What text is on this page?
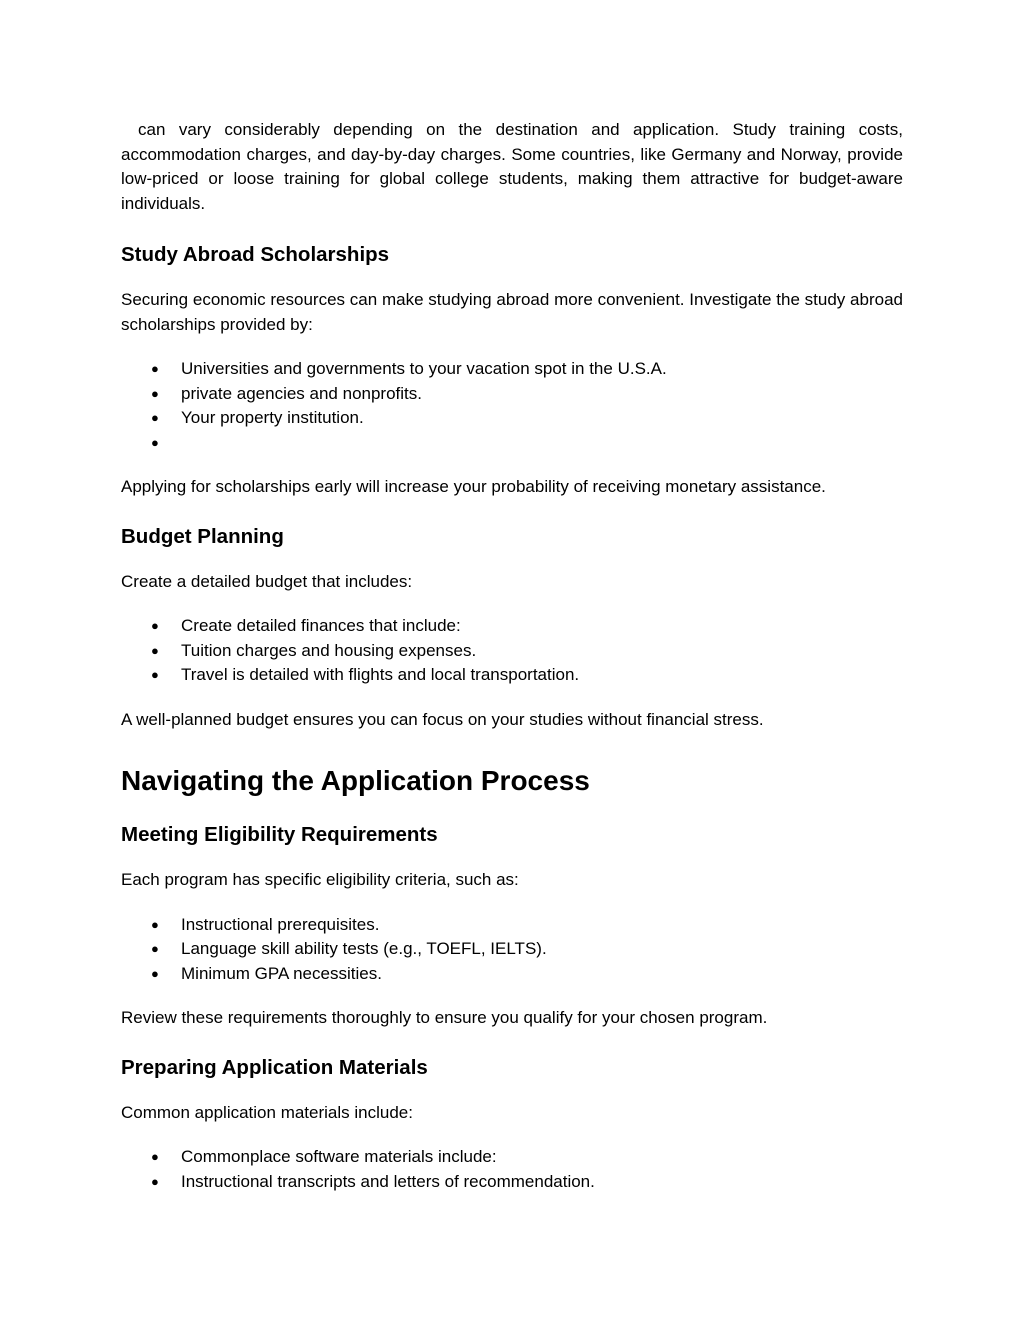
can vary considerably depending on the destination and application. Study training costs, accommodation charges, and day-by-day charges. Some countries, like Germany and Norway, provide low-priced or loose training for global college students, making them attractive for budget-aware individuals.

Study Abroad Scholarships

Securing economic resources can make studying abroad more convenient. Investigate the study abroad scholarships provided by:

● Universities and governments to your vacation spot in the U.S.A.
● private agencies and nonprofits.
● Your property institution.
●

Applying for scholarships early will increase your probability of receiving monetary assistance.

Budget Planning

Create a detailed budget that includes:

● Create detailed finances that include:
● Tuition charges and housing expenses.
● Travel is detailed with flights and local transportation.

A well-planned budget ensures you can focus on your studies without financial stress.

Navigating the Application Process
Meeting Eligibility Requirements

Each program has specific eligibility criteria, such as:

● Instructional prerequisites.
● Language skill ability tests (e.g., TOEFL, IELTS).
● Minimum GPA necessities.

Review these requirements thoroughly to ensure you qualify for your chosen program.

Preparing Application Materials

Common application materials include:

● Commonplace software materials include:
● Instructional transcripts and letters of recommendation.
